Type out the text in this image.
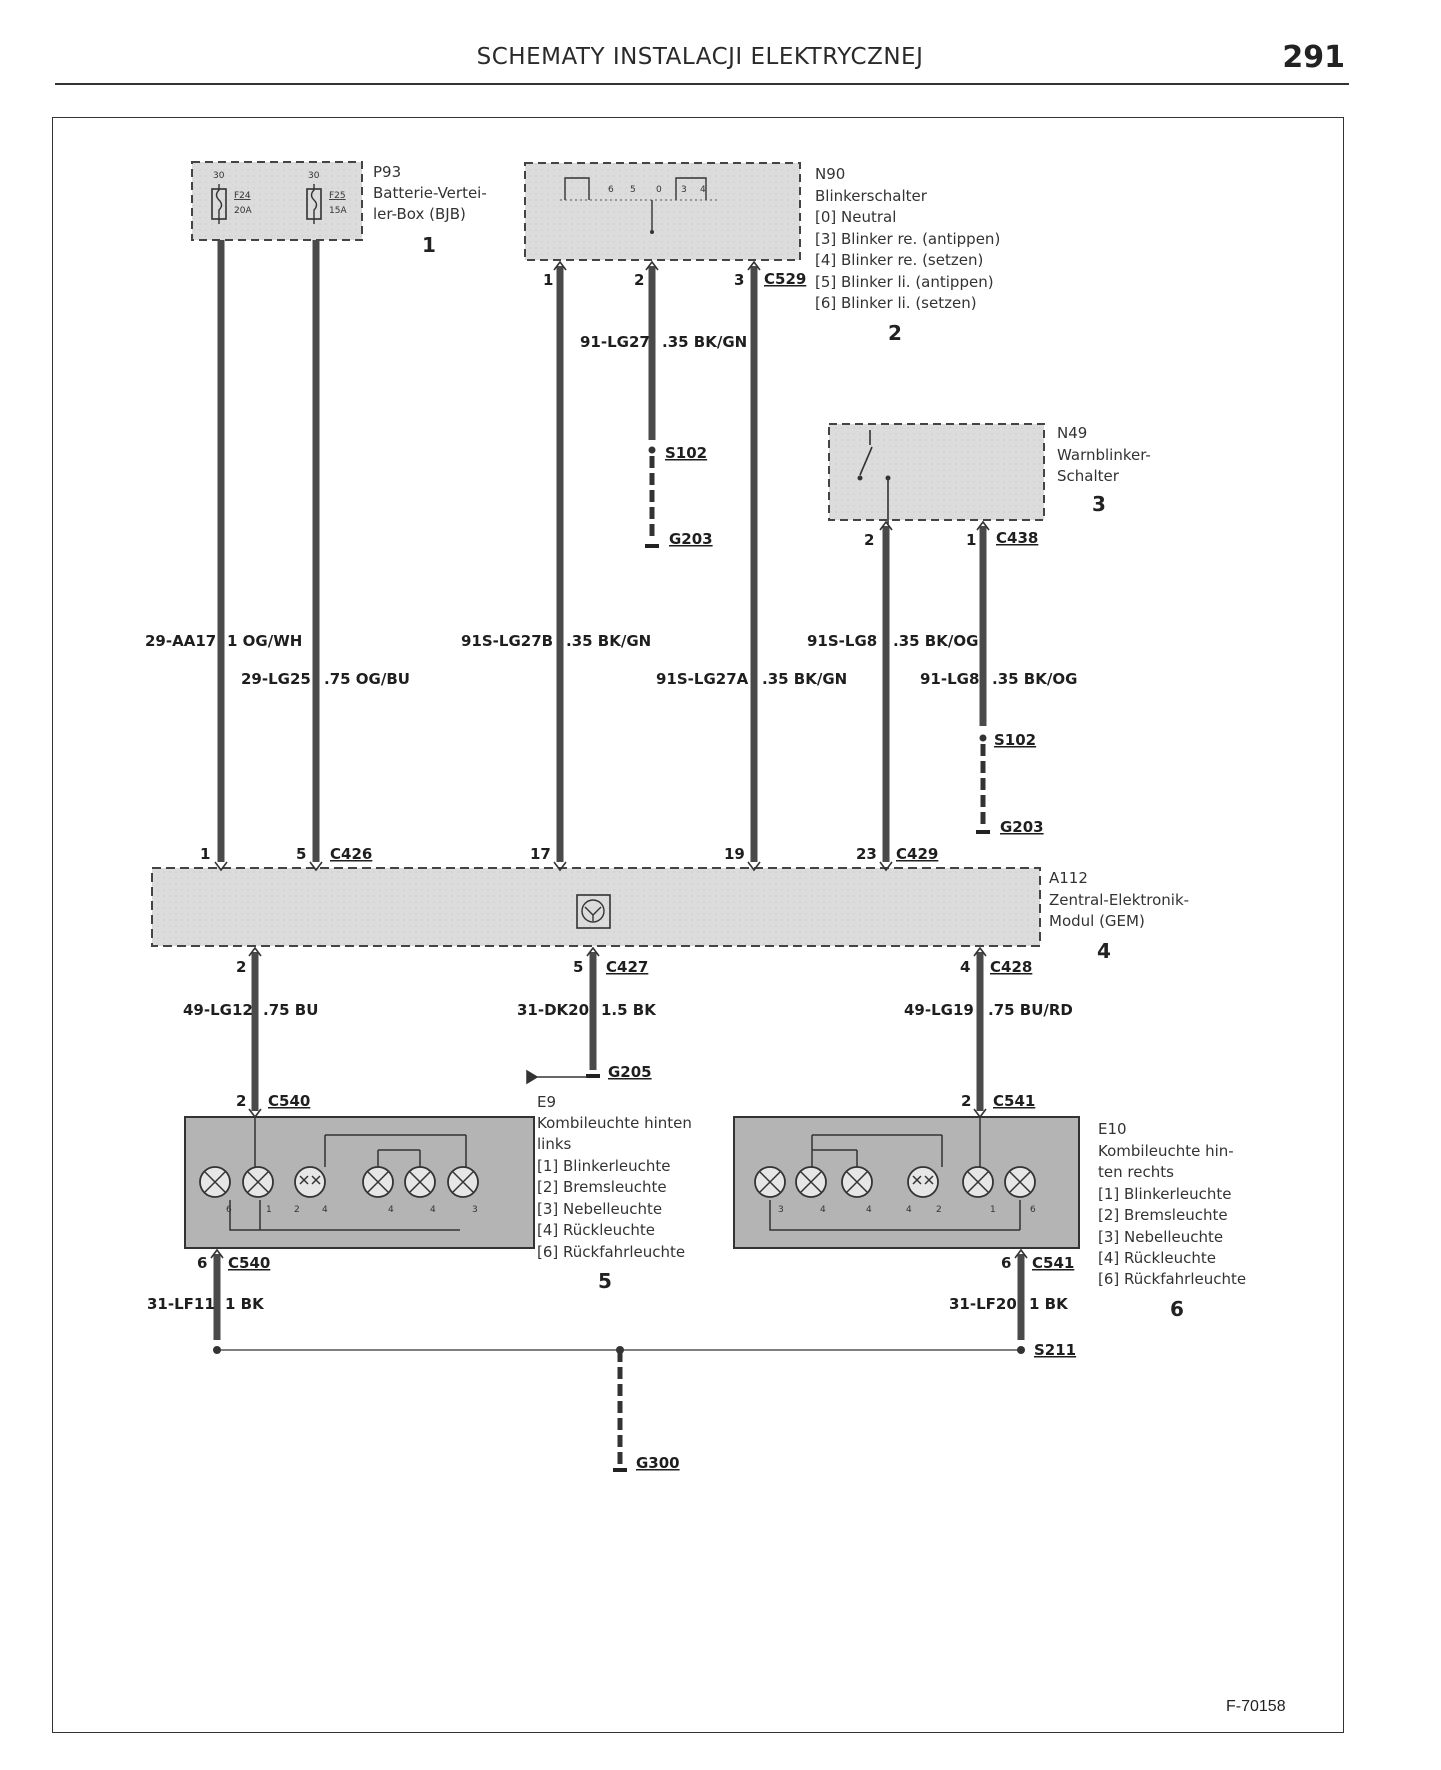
SCHEMATY INSTALACJI ELEKTRYCZNEJ	291
30
F24
20A
30
F25
15A
6 5 0 3 4
6	1 2 4	4	4	3	3	4	4	4	2	1	6
P93
Batterie-Vertei-
ler-Box (BJB)
1
N90
Blinkerschalter
[0] Neutral
[3] Blinker re. (antippen)
[4] Blinker re. (setzen)
[5] Blinker li. (antippen)
[6] Blinker li. (setzen)
2
N49
Warnblinker-
Schalter
3
A112
Zentral-Elektronik-
Modul (GEM)
4
E9
Kombileuchte hinten
links
[1] Blinkerleuchte
[2] Bremsleuchte
[3] Nebelleuchte
[4] Rückleuchte
[6] Rückfahrleuchte
5
E10
Kombileuchte hin-
ten rechts
[1] Blinkerleuchte
[2] Bremsleuchte
[3] Nebelleuchte
[4] Rückleuchte
[6] Rückfahrleuchte
6
1	2	3
2	1
1	5	17	19	23
2	5	4
2
6
2
6
C529
S102
G203	C438
S102
G203
C426	C429
C427	C428
G205
C540
C540
C541
C541
S211
G300
91-LG27 .35 BK/GN
29-AA17 1 OG/WH
29-LG25 .75 OG/BU
91S-LG27B .35 BK/GN
91S-LG27A .35 BK/GN
91S-LG8 .35 BK/OG
91-LG8 .35 BK/OG
49-LG12 .75 BU	31-DK20 1.5 BK	49-LG19 .75 BU/RD
31-LF11 1 BK	31-LF20 1 BK
F-70158
